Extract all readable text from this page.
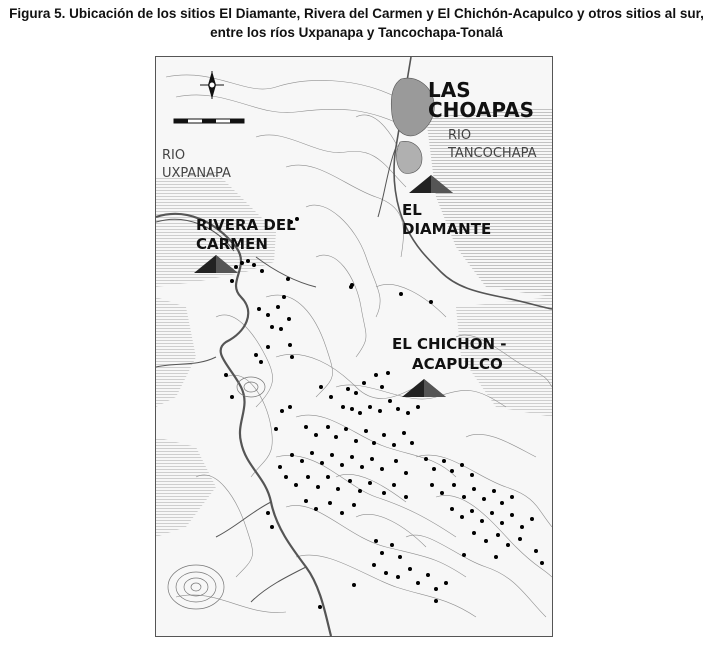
Figura 5. Ubicación de los sitios El Diamante, Rivera del Carmen y El Chichón-Acapulco y otros sitios al sur,
entre los ríos Uxpanapa y Tancochapa-Tonalá
LAS
CHOAPAS
RIO
TANCOCHAPA
RIO
UXPANAPA
RIVERA DEL
CARMEN
EL
DIAMANTE
EL CHICHON -
ACAPULCO
